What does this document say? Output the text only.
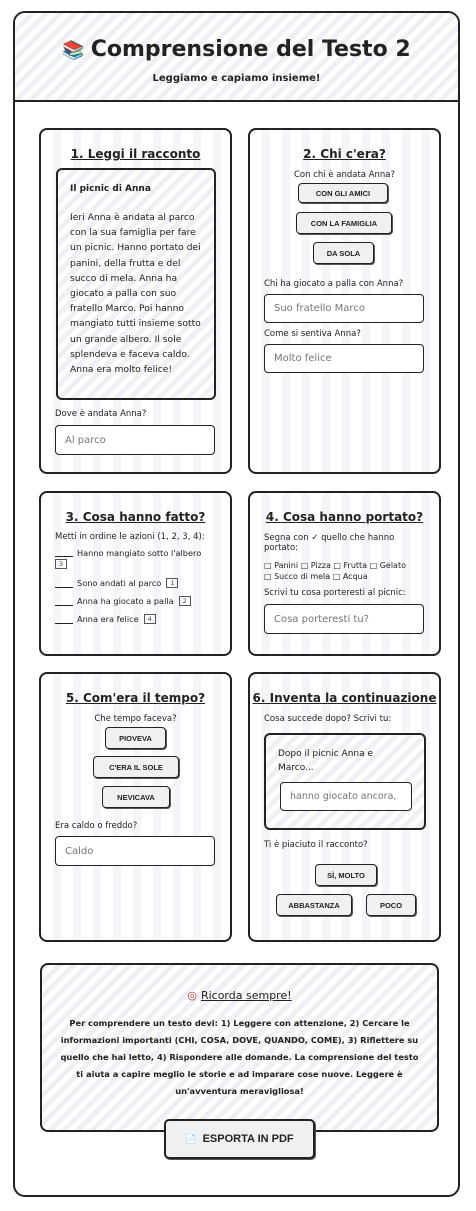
📚 Comprensione del Testo 2
Leggiamo e capiamo insieme!
1. Leggi il racconto
Il picnic di Anna
Ieri Anna è andata al parco con la sua famiglia per fare un picnic. Hanno portato dei panini, della frutta e del succo di mela. Anna ha giocato a palla con suo fratello Marco. Poi hanno mangiato tutti insieme sotto un grande albero. Il sole splendeva e faceva caldo. Anna era molto felice!
Dove è andata Anna?
Al parco
2. Chi c'era?
Con chi è andata Anna?
CON GLI AMICI
CON LA FAMIGLIA
DA SOLA
Chi ha giocato a palla con Anna?
Suo fratello Marco
Come si sentiva Anna?
Molto felice
3. Cosa hanno fatto?
Metti in ordine le azioni (1, 2, 3, 4):
Hanno mangiato sotto l'albero
3
Sono andati al parco	1
Anna ha giocato a palla	2
Anna era felice	4
4. Cosa hanno portato?
Segna con ✓ quello che hanno portato:
□ Panini □ Pizza □ Frutta □ Gelato
□ Succo di mela □ Acqua
Scrivi tu cosa porteresti al picnic:
Cosa porteresti tu?
5. Com'era il tempo?
Che tempo faceva?
PIOVEVA
C'ERA IL SOLE
NEVICAVA
Era caldo o freddo?
Caldo
6. Inventa la continuazione
Cosa succede dopo? Scrivi tu:
Dopo il picnic Anna e Marco...
hanno giocato ancora,
Ti è piaciuto il racconto?
SÌ, MOLTO
ABBASTANZA	POCO
◎ Ricorda sempre!
Per comprendere un testo devi: 1) Leggere con attenzione, 2) Cercare le informazioni importanti (CHI, COSA, DOVE, QUANDO, COME), 3) Riflettere su quello che hai letto, 4) Rispondere alle domande. La comprensione del testo ti aiuta a capire meglio le storie e ad imparare cose nuove. Leggere è un'avventura meravigliosa!
📄 ESPORTA IN PDF
